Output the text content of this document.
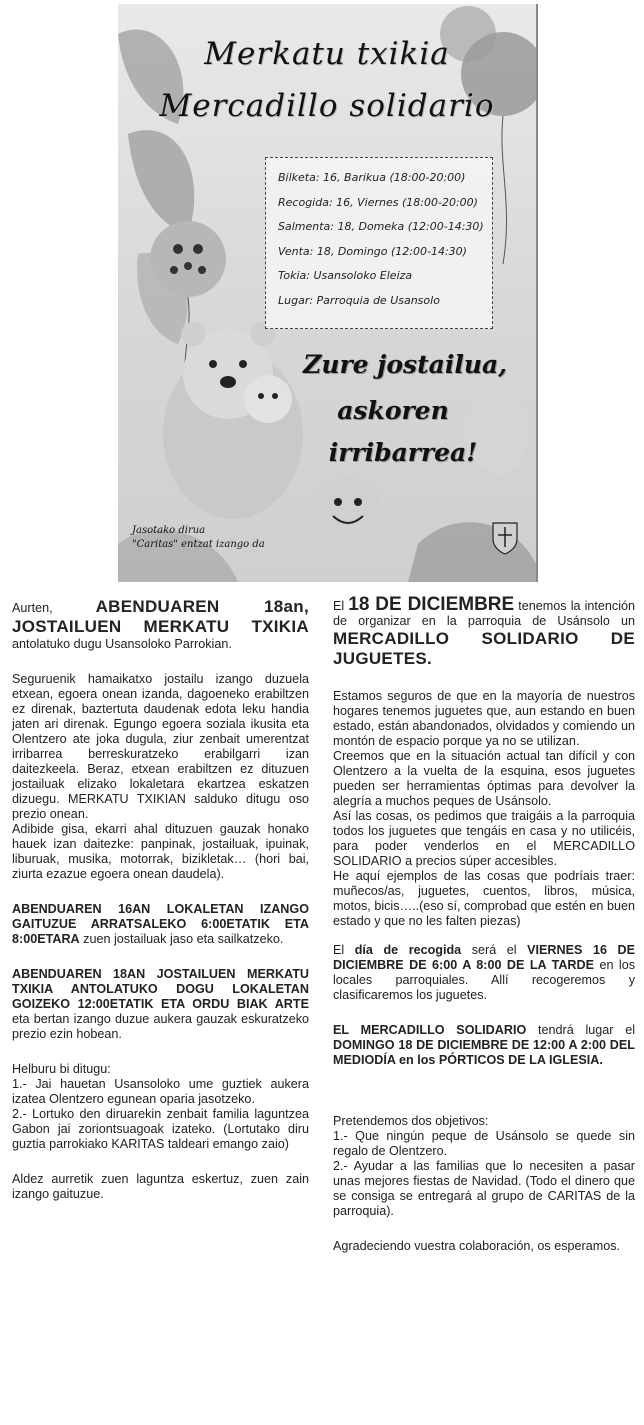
Merkatu txikia
Mercadillo solidario
Bilketa: 16, Barikua (18:00-20:00)
Recogida: 16, Viernes (18:00-20:00)
Salmenta: 18, Domeka (12:00-14:30)
Venta: 18, Domingo (12:00-14:30)
Tokia: Usansoloko Eleiza
Lugar: Parroquia de Usansolo
Zure jostailua,
askoren
irribarrea!
Jasotako dirua
"Caritas" entzat izango da

Aurten, ABENDUAREN 18an, JOSTAILUEN MERKATU TXIKIA antolatuko dugu Usansoloko Parrokian.

Seguruenik hamaikatxo jostailu izango duzuela etxean, egoera onean izanda, dagoeneko erabiltzen ez direnak, baztertuta daudenak edota leku handia jaten ari direnak. Egungo egoera soziala ikusita eta Olentzero ate joka dugula, ziur zenbait umerentzat irribarrea berreskuratzeko erabilgarri izan daitezkeela. Beraz, etxean erabiltzen ez dituzuen jostailuak elizako lokaletara ekartzea eskatzen dizuegu. MERKATU TXIKIAN salduko ditugu oso prezio onean.

Adibide gisa, ekarri ahal dituzuen gauzak honako hauek izan daitezke: panpinak, jostailuak, ipuinak, liburuak, musika, motorrak, bizikletak… (hori bai, ziurta ezazue egoera onean daudela).

ABENDUAREN 16AN LOKALETAN IZANGO GAITUZUE ARRATSALEKO 6:00ETATIK ETA 8:00ETARA zuen jostailuak jaso eta sailkatzeko.

ABENDUAREN 18AN JOSTAILUEN MERKATU TXIKIA ANTOLATUKO DOGU LOKALETAN GOIZEKO 12:00ETATIK ETA ORDU BIAK ARTE eta bertan izango duzue aukera gauzak eskuratzeko prezio ezin hobean.

Helburu bi ditugu:

1.- Jai hauetan Usansoloko ume guztiek aukera izatea Olentzero egunean oparia jasotzeko.

2.- Lortuko den diruarekin zenbait familia laguntzea Gabon jai zoriontsuagoak izateko. (Lortutako diru guztia parrokiako KARITAS taldeari emango zaio)

Aldez aurretik zuen laguntza eskertuz, zuen zain izango gaituzue.

El 18 DE DICIEMBRE tenemos la intención de organizar en la parroquia de Usánsolo un MERCADILLO SOLIDARIO DE JUGUETES.

Estamos seguros de que en la mayoría de nuestros hogares tenemos juguetes que, aun estando en buen estado, están abandonados, olvidados y comiendo un montón de espacio porque ya no se utilizan.

Creemos que en la situación actual tan difícil y con Olentzero a la vuelta de la esquina, esos juguetes pueden ser herramientas óptimas para devolver la alegría a muchos peques de Usánsolo.

Así las cosas, os pedimos que traigáis a la parroquia todos los juguetes que tengáis en casa y no utilicéis, para poder venderlos en el MERCADILLO SOLIDARIO a precios súper accesibles.

He aquí ejemplos de las cosas que podríais traer: muñecos/as, juguetes, cuentos, libros, música, motos, bicis…..(eso sí, comprobad que estén en buen estado y que no les falten piezas)

El día de recogida será el VIERNES 16 DE DICIEMBRE DE 6:00 A 8:00 DE LA TARDE en los locales parroquiales. Allí recogeremos y clasificaremos los juguetes.

EL MERCADILLO SOLIDARIO tendrá lugar el DOMINGO 18 DE DICIEMBRE DE 12:00 A 2:00 DEL MEDIODÍA en los PÓRTICOS DE LA IGLESIA.

Pretendemos dos objetivos:

1.- Que ningún peque de Usánsolo se quede sin regalo de Olentzero.

2.- Ayudar a las familias que lo necesiten a pasar unas mejores fiestas de Navidad. (Todo el dinero que se consiga se entregará al grupo de CARITAS de la parroquia).

Agradeciendo vuestra colaboración, os esperamos.
